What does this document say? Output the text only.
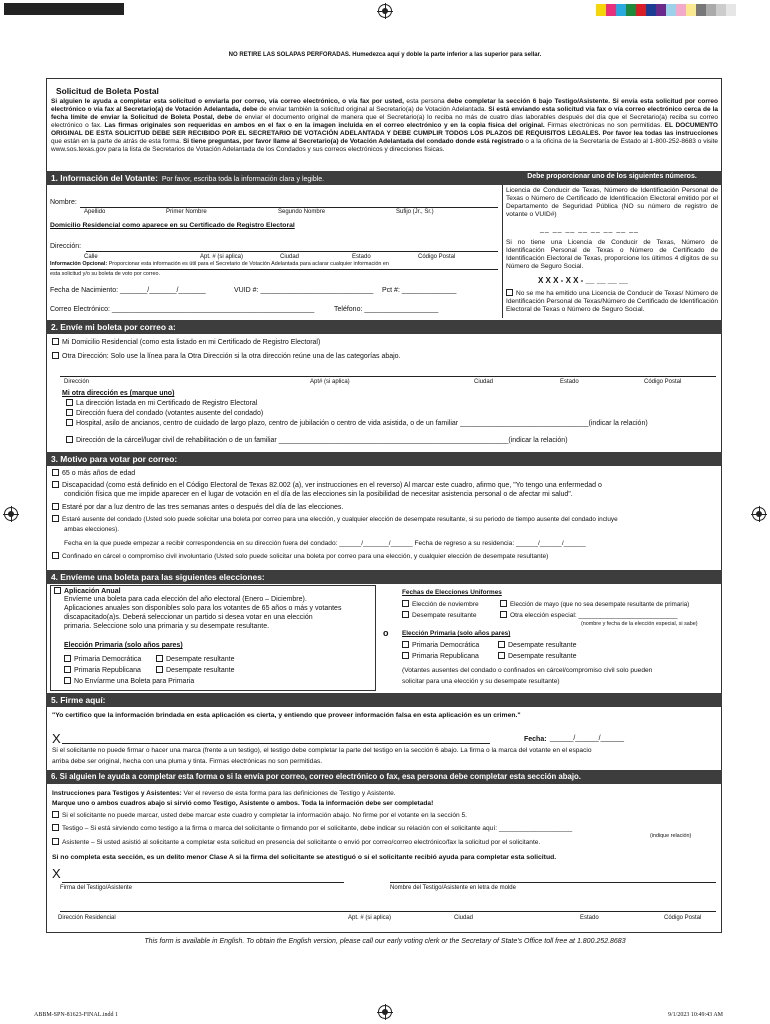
NO RETIRE LAS SOLAPAS PERFORADAS. Humedezca aquí y doble la parte inferior a las superior para sellar.
Solicitud de Boleta Postal
Si alguien le ayuda a completar esta solicitud o enviarla por correo, vía correo electrónico, o vía fax por usted, esta persona debe completar la sección 6 bajo Testigo/Asistente. Si envía esta solicitud por correo electrónico o vía fax al Secretario(a) de Votación Adelantada, debe de enviar también la solicitud original al Secretario(a) de Votación Adelantada. Si está enviando esta solicitud vía fax o vía correo electrónico cerca de la fecha límite de enviar la Solicitud de Boleta Postal, debe de enviar el documento original de manera que el Secretario(a) lo reciba no más de cuatro días laborables después del día que el Secretario(a) reciba su correo electrónico o fax. Las firmas originales son requeridas en ambos en el fax o en la imagen incluida en el correo electrónico y en la copia física del original. Firmas electrónicas no son permitidas. EL DOCUMENTO ORIGINAL DE ESTA SOLICITUD DEBE SER RECIBIDO POR EL SECRETARIO DE VOTACIÓN ADELANTADA Y DEBE CUMPLIR TODOS LOS PLAZOS DE REQUISITOS LEGALES. Por favor lea todas las instrucciones que están en la parte de atrás de esta forma. Si tiene preguntas, por favor llame al Secretario(a) de Votación Adelantada del condado donde está registrado o a la oficina de la Secretaría de Estado al 1-800-252-8683 o visite www.sos.texas.gov para la lista de Secretarios de Votación Adelantada de los Condados y sus correos electrónicos y direcciones físicas.
1. Información del Votante: Por favor, escriba toda la información clara y legible.	Debe proporcionar uno de los siguientes números.
Nombre:
Apellido	Primer Nombre	Segundo Nombre	Sufijo (Jr., Sr.)
Domicilio Residencial como aparece en su Certificado de Registro Electoral
Dirección:
Calle	Apt. # (si aplica)	Ciudad	Estado	Código Postal
Información Opcional: Proporcionar esta información es útil para el Secretario de Votación Adelantada para aclarar cualquier información en
esta solicitud y/o su boleta de voto por correo.
Fecha de Nacimiento: _______/_______/_______	VUID #: _____________________________ Pct #: ______________
Correo Electrónico: ____________________________________________________	Teléfono: ___________________
Licencia de Conducir de Texas, Número de Identificación Personal de Texas o Número de Certificado de Identificación Electoral emitido por el Departamento de Seguridad Pública (NO su número de registro de votante o VUID#)
__ __ __ __ __ __ __ __
Si no tiene una Licencia de Conducir de Texas, Número de Identificación Personal de Texas o Número de Certificado de Identificación Electoral de Texas, proporcione los últimos 4 dígitos de su Número de Seguro Social.
X X X - X X - __ __ __ __
No se me ha emitido una Licencia de Conducir de Texas/ Número de Identificación Personal de Texas/Número de Certificado de Identificación Electoral de Texas o Número de Seguro Social.
2. Envíe mi boleta por correo a:
Mi Domicilio Residencial (como esta listado en mi Certificado de Registro Electoral)
Otra Dirección: Solo use la línea para la Otra Dirección si la otra dirección reúne una de las categorías abajo.
Dirección	Apt# (si aplica)	Ciudad	Estado	Código Postal
Mi otra dirección es (marque uno)
La dirección listada en mi Certificado de Registro Electoral
Dirección fuera del condado (votantes ausente del condado)
Hospital, asilo de ancianos, centro de cuidado de largo plazo, centro de jubilación o centro de vida asistida, o de un familiar _________________________________(indicar la relación)
Dirección de la cárcel/lugar civil de rehabilitación o de un familiar ___________________________________________________________(indicar la relación)
3. Motivo para votar por correo:
65 o más años de edad
Discapacidad (como está definido en el Código Electoral de Texas 82.002 (a), ver instrucciones en el reverso) Al marcar este cuadro, afirmo que, "Yo tengo una enfermedad o
condición física que me impide aparecer en el lugar de votación en el día de las elecciones sin la posibilidad de necesitar asistencia personal o de afectar mi salud".
Estaré por dar a luz dentro de las tres semanas antes o después del día de las elecciones.
Estaré ausente del condado (Usted solo puede solicitar una boleta por correo para una elección, y cualquier elección de desempate resultante, si su periodo de tiempo ausente del condado incluye
ambas elecciones).
Fecha en la que puede empezar a recibir correspondencia en su dirección fuera del condado: ______/_______/______ Fecha de regreso a su residencia: ______/______/______
Confinado en cárcel o compromiso civil involuntario (Usted solo puede solicitar una boleta por correo para una elección, y cualquier elección de desempate resultante)
4. Envíeme una boleta para las siguientes elecciones:
Aplicación Anual
Envíeme una boleta para cada elección del año electoral (Enero – Diciembre).
Aplicaciones anuales son disponibles solo para los votantes de 65 años o más y votantes
discapacitado(a)s. Deberá seleccionar un partido si desea votar en una elección
primaria. Seleccione solo una primaria y su desempate resultante.
Elección Primaria (solo años pares)
Primaria Democrática	Desempate resultante
Primaria Republicana	Desempate resultante
No Envíarme una Boleta para Primaria
o
Fechas de Elecciones Uniformes
Elección de noviembre	Elección de mayo (que no sea desempate resultante de primaria)
Desempate resultante	Otra elección especial: ___________________________
(nombre y fecha de la elección especial, si sabe)
Elección Primaria (solo años pares)
Primaria Democrática	Desempate resultante
Primaria Republicana	Desempate resultante
(Votantes ausentes del condado o confinados en cárcel/compromiso civil solo pueden
solicitar para una elección y su desempate resultante)
5. Firme aquí:
"Yo certifico que la información brindada en esta aplicación es cierta, y entiendo que proveer información falsa en esta aplicación es un crimen."
X	Fecha: ______/______/______
Si el solicitante no puede firmar o hacer una marca (frente a un testigo), el testigo debe completar la parte del testigo en la sección 6 abajo. La firma o la marca del votante en el espacio
arriba debe ser original, hecha con una pluma y tinta. Firmas electrónicas no son permitidas.
6. Si alguien le ayuda a completar esta forma o si la envía por correo, correo electrónico o fax, esa persona debe completar esta sección abajo.
Instrucciones para Testigos y Asistentes: Ver el reverso de esta forma para las definiciones de Testigo y Asistente.
Marque uno o ambos cuadros abajo si sirvió como Testigo, Asistente o ambos. Toda la información debe ser completada!
Si el solicitante no puede marcar, usted debe marcar este cuadro y completar la información abajo. No firme por el votante en la sección 5.
Testigo – Si está sirviendo como testigo a la firma o marca del solicitante o firmando por el solicitante, debe indicar su relación con el solicitante aquí: ____________________
(indique relación)
Asistente – Si usted asistió al solicitante a completar esta solicitud en presencia del solicitante o envió por correo/correo electrónico/fax la solicitud por el solicitante.
Si no completa esta sección, es un delito menor Clase A si la firma del solicitante se atestiguó o si el solicitante recibió ayuda para completar esta solicitud.
X
Firma del Testigo/Asistente	Nombre del Testigo/Asistente en letra de molde
Dirección Residencial	Apt. # (si aplica)	Ciudad	Estado	Código Postal
This form is available in English. To obtain the English version, please call our early voting clerk or the Secretary of State's Office toll free at 1.800.252.8683
ABBM-SPN-81623-FINAL.indd 1	9/1/2023 10:49:43 AM
